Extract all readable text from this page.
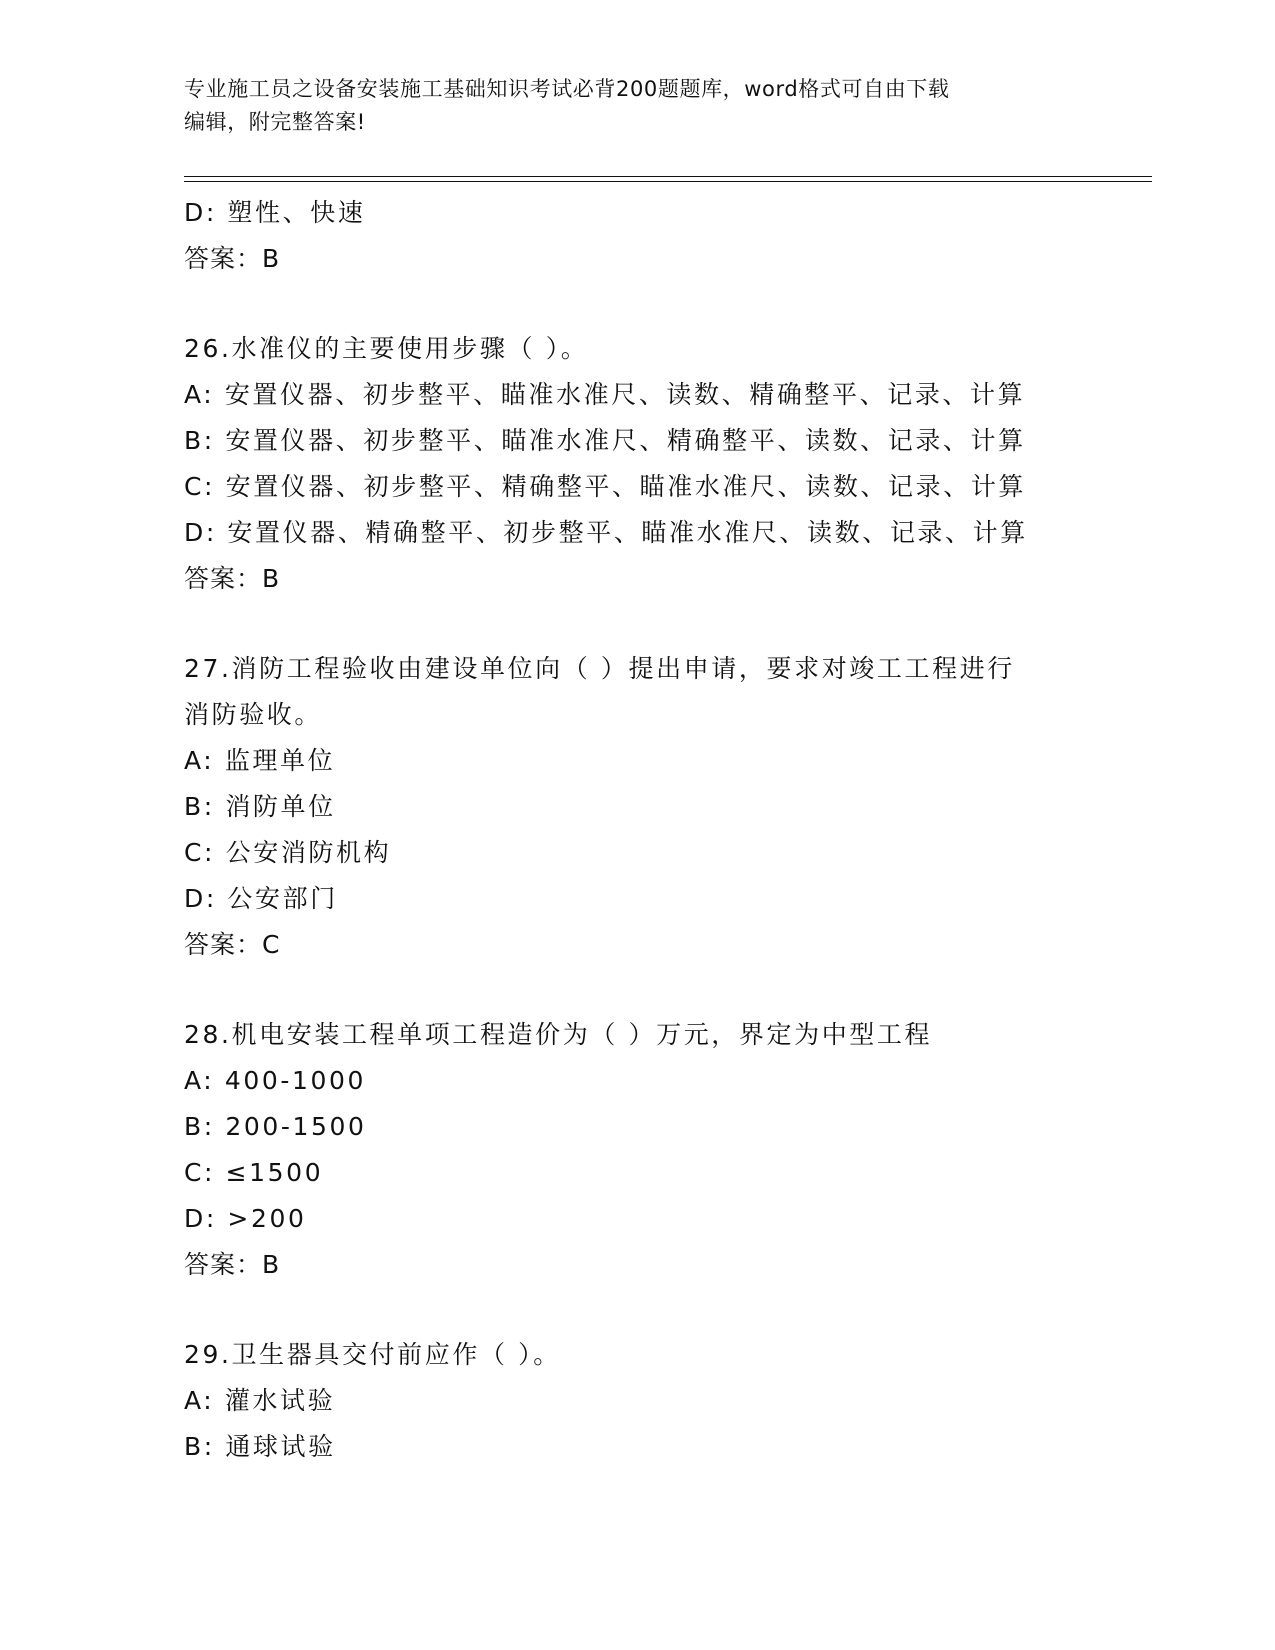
专业施工员之设备安装施工基础知识考试必背200题题库，word格式可自由下载
编辑，附完整答案!
D: 塑性、快速
答案：B
26.水准仪的主要使用步骤（ ）。
A: 安置仪器、初步整平、瞄准水准尺、读数、精确整平、记录、计算
B: 安置仪器、初步整平、瞄准水准尺、精确整平、读数、记录、计算
C: 安置仪器、初步整平、精确整平、瞄准水准尺、读数、记录、计算
D: 安置仪器、精确整平、初步整平、瞄准水准尺、读数、记录、计算
答案：B
27.消防工程验收由建设单位向（ ）提出申请，要求对竣工工程进行
消防验收。
A: 监理单位
B: 消防单位
C: 公安消防机构
D: 公安部门
答案：C
28.机电安装工程单项工程造价为（ ）万元，界定为中型工程
A: 400-1000
B: 200-1500
C: ≤1500
D: >200
答案：B
29.卫生器具交付前应作（ ）。
A: 灌水试验
B: 通球试验
